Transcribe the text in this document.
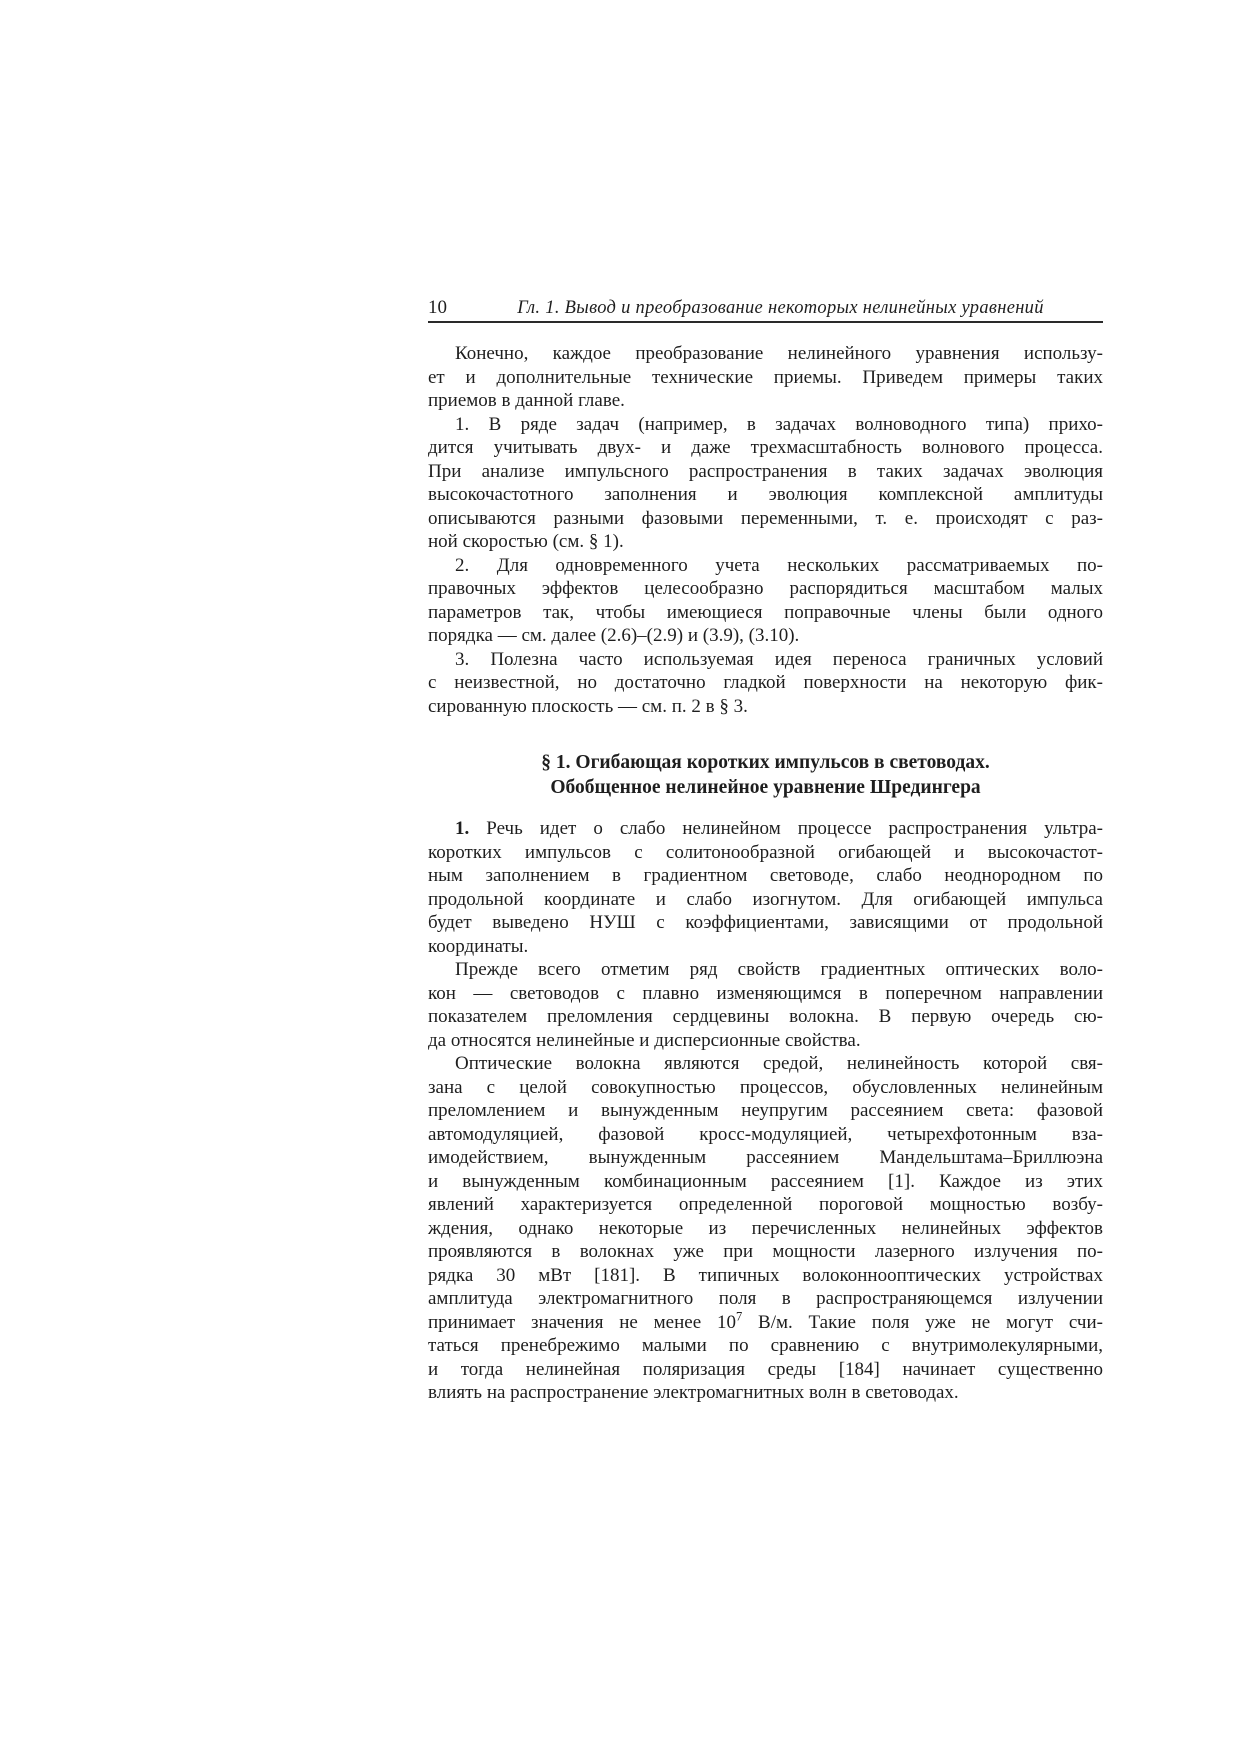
10	Гл. 1. Вывод и преобразование некоторых нелинейных уравнений
Конечно, каждое преобразование нелинейного уравнения использу-
ет и дополнительные технические приемы. Приведем примеры таких
приемов в данной главе.
1. В ряде задач (например, в задачах волноводного типа) прихо-
дится учитывать двух- и даже трехмасштабность волнового процесса.
При анализе импульсного распространения в таких задачах эволюция
высокочастотного заполнения и эволюция комплексной амплитуды
описываются разными фазовыми переменными, т. е. происходят с раз-
ной скоростью (см. § 1).
2. Для одновременного учета нескольких рассматриваемых по-
правочных эффектов целесообразно распорядиться масштабом малых
параметров так, чтобы имеющиеся поправочные члены были одного
порядка — см. далее (2.6)–(2.9) и (3.9), (3.10).
3. Полезна часто используемая идея переноса граничных условий
с неизвестной, но достаточно гладкой поверхности на некоторую фик-
сированную плоскость — см. п. 2 в § 3.
§ 1. Огибающая коротких импульсов в световодах.
Обобщенное нелинейное уравнение Шредингера
1. Речь идет о слабо нелинейном процессе распространения ультра-
коротких импульсов с солитонообразной огибающей и высокочастот-
ным заполнением в градиентном световоде, слабо неоднородном по
продольной координате и слабо изогнутом. Для огибающей импульса
будет выведено НУШ с коэффициентами, зависящими от продольной
координаты.
Прежде всего отметим ряд свойств градиентных оптических воло-
кон — световодов с плавно изменяющимся в поперечном направлении
показателем преломления сердцевины волокна. В первую очередь сю-
да относятся нелинейные и дисперсионные свойства.
Оптические волокна являются средой, нелинейность которой свя-
зана с целой совокупностью процессов, обусловленных нелинейным
преломлением и вынужденным неупругим рассеянием света: фазовой
автомодуляцией, фазовой кросс-модуляцией, четырехфотонным вза-
имодействием, вынужденным рассеянием Мандельштама–Бриллюэна
и вынужденным комбинационным рассеянием [1]. Каждое из этих
явлений характеризуется определенной пороговой мощностью возбу-
ждения, однако некоторые из перечисленных нелинейных эффектов
проявляются в волокнах уже при мощности лазерного излучения по-
рядка 30 мВт [181]. В типичных волоконнооптических устройствах
амплитуда электромагнитного поля в распространяющемся излучении
принимает значения не менее $10^7$ В/м. Такие поля уже не могут счи-
таться пренебрежимо малыми по сравнению с внутримолекулярными,
и тогда нелинейная поляризация среды [184] начинает существенно
влиять на распространение электромагнитных волн в световодах.
